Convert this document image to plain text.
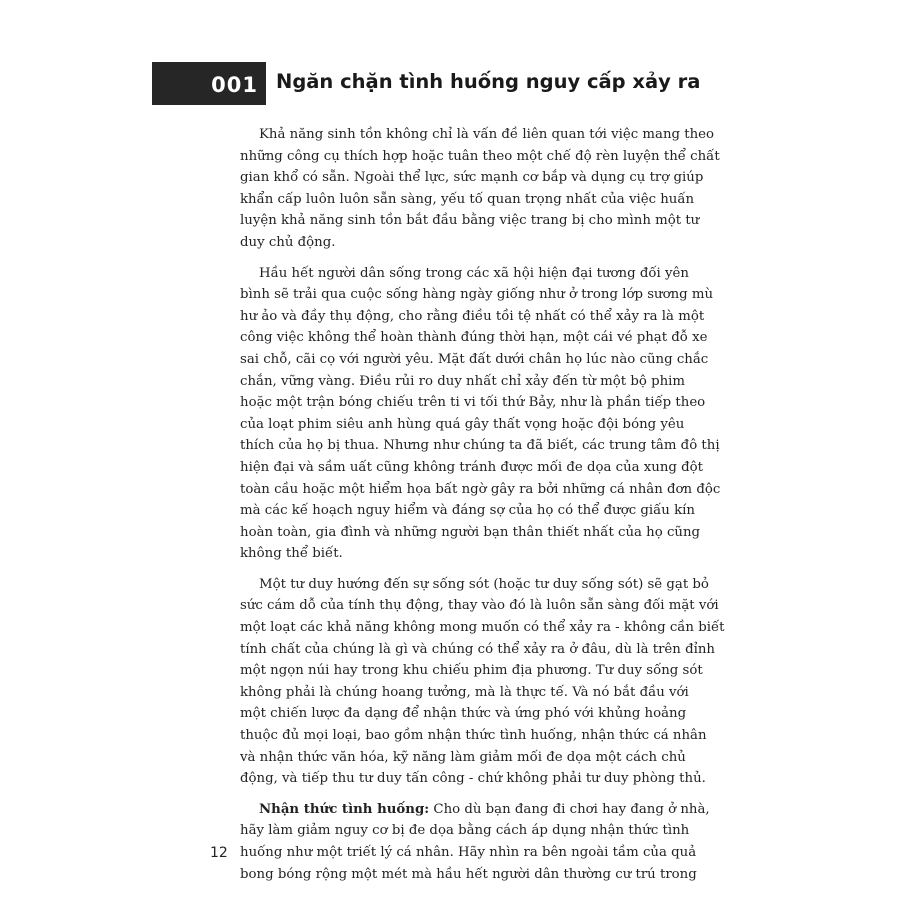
001 Ngăn chặn tình huống nguy cấp xảy ra
Khả năng sinh tồn không chỉ là vấn đề liên quan tới việc mang theo
những công cụ thích hợp hoặc tuân theo một chế độ rèn luyện thể chất
gian khổ có sẵn. Ngoài thể lực, sức mạnh cơ bắp và dụng cụ trợ giúp
khẩn cấp luôn luôn sẵn sàng, yếu tố quan trọng nhất của việc huấn
luyện khả năng sinh tồn bắt đầu bằng việc trang bị cho mình một tư
duy chủ động.
Hầu hết người dân sống trong các xã hội hiện đại tương đối yên
bình sẽ trải qua cuộc sống hàng ngày giống như ở trong lớp sương mù
hư ảo và đầy thụ động, cho rằng điều tồi tệ nhất có thể xảy ra là một
công việc không thể hoàn thành đúng thời hạn, một cái vé phạt đỗ xe
sai chỗ, cãi cọ với người yêu. Mặt đất dưới chân họ lúc nào cũng chắc
chắn, vững vàng. Điều rủi ro duy nhất chỉ xảy đến từ một bộ phim
hoặc một trận bóng chiếu trên ti vi tối thứ Bảy, như là phần tiếp theo
của loạt phim siêu anh hùng quá gây thất vọng hoặc đội bóng yêu
thích của họ bị thua. Nhưng như chúng ta đã biết, các trung tâm đô thị
hiện đại và sầm uất cũng không tránh được mối đe dọa của xung đột
toàn cầu hoặc một hiểm họa bất ngờ gây ra bởi những cá nhân đơn độc
mà các kế hoạch nguy hiểm và đáng sợ của họ có thể được giấu kín
hoàn toàn, gia đình và những người bạn thân thiết nhất của họ cũng
không thể biết.
Một tư duy hướng đến sự sống sót (hoặc tư duy sống sót) sẽ gạt bỏ
sức cám dỗ của tính thụ động, thay vào đó là luôn sẵn sàng đối mặt với
một loạt các khả năng không mong muốn có thể xảy ra - không cần biết
tính chất của chúng là gì và chúng có thể xảy ra ở đâu, dù là trên đỉnh
một ngọn núi hay trong khu chiếu phim địa phương. Tư duy sống sót
không phải là chúng hoang tưởng, mà là thực tế. Và nó bắt đầu với
một chiến lược đa dạng để nhận thức và ứng phó với khủng hoảng
thuộc đủ mọi loại, bao gồm nhận thức tình huống, nhận thức cá nhân
và nhận thức văn hóa, kỹ năng làm giảm mối đe dọa một cách chủ
động, và tiếp thu tư duy tấn công - chứ không phải tư duy phòng thủ.
Nhận thức tình huống: Cho dù bạn đang đi chơi hay đang ở nhà,
hãy làm giảm nguy cơ bị đe dọa bằng cách áp dụng nhận thức tình
huống như một triết lý cá nhân. Hãy nhìn ra bên ngoài tầm của quả
bong bóng rộng một mét mà hầu hết người dân thường cư trú trong
12
